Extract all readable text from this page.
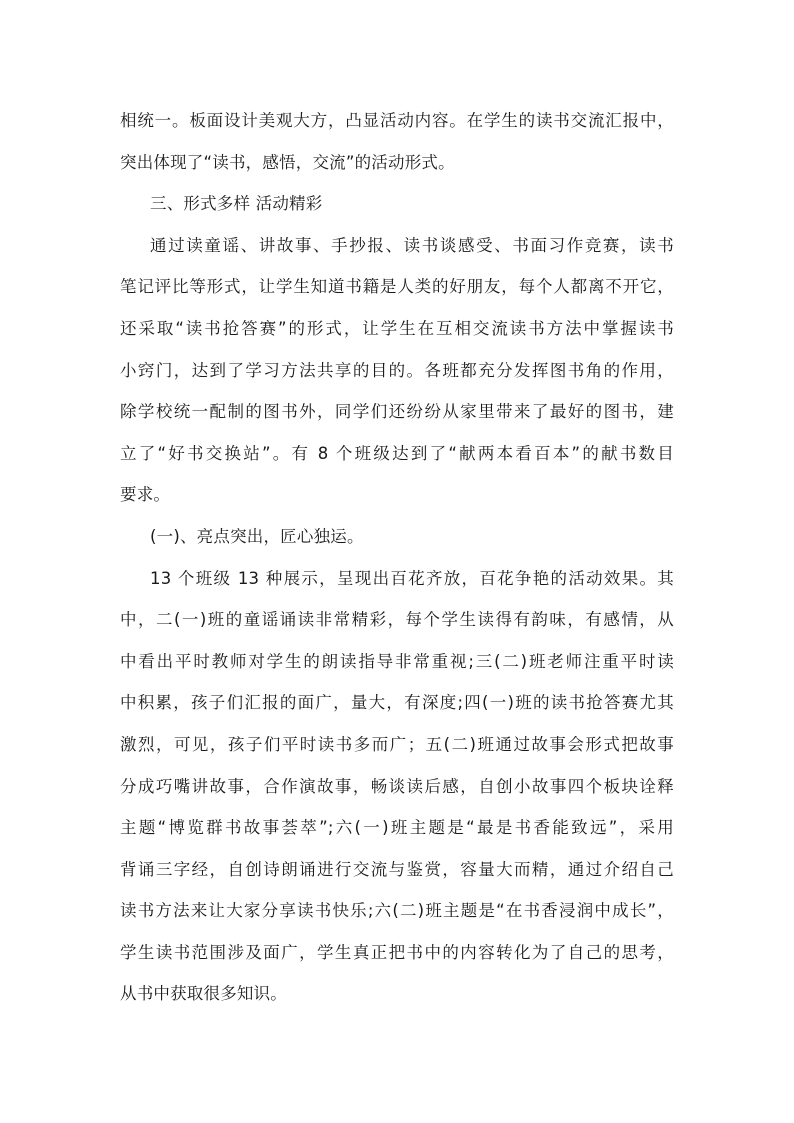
相统一。板面设计美观大方，凸显活动内容。在学生的读书交流汇报中，
突出体现了“读书，感悟，交流”的活动形式。
三、形式多样 活动精彩
通过读童谣、讲故事、手抄报、读书谈感受、书面习作竞赛，读书
笔记评比等形式，让学生知道书籍是人类的好朋友，每个人都离不开它，
还采取“读书抢答赛”的形式，让学生在互相交流读书方法中掌握读书
小窍门，达到了学习方法共享的目的。各班都充分发挥图书角的作用，
除学校统一配制的图书外，同学们还纷纷从家里带来了最好的图书，建
立了“好书交换站”。有 8 个班级达到了“献两本看百本”的献书数目
要求。
(一)、亮点突出，匠心独运。
13 个班级 13 种展示，呈现出百花齐放，百花争艳的活动效果。其
中，二(一)班的童谣诵读非常精彩，每个学生读得有韵味，有感情，从
中看出平时教师对学生的朗读指导非常重视;三(二)班老师注重平时读
中积累，孩子们汇报的面广，量大，有深度;四(一)班的读书抢答赛尤其
激烈，可见，孩子们平时读书多而广；五(二)班通过故事会形式把故事
分成巧嘴讲故事，合作演故事，畅谈读后感，自创小故事四个板块诠释
主题“博览群书故事荟萃”;六(一)班主题是“最是书香能致远”，采用
背诵三字经，自创诗朗诵进行交流与鉴赏，容量大而精，通过介绍自己
读书方法来让大家分享读书快乐;六(二)班主题是“在书香浸润中成长”，
学生读书范围涉及面广，学生真正把书中的内容转化为了自己的思考，
从书中获取很多知识。
